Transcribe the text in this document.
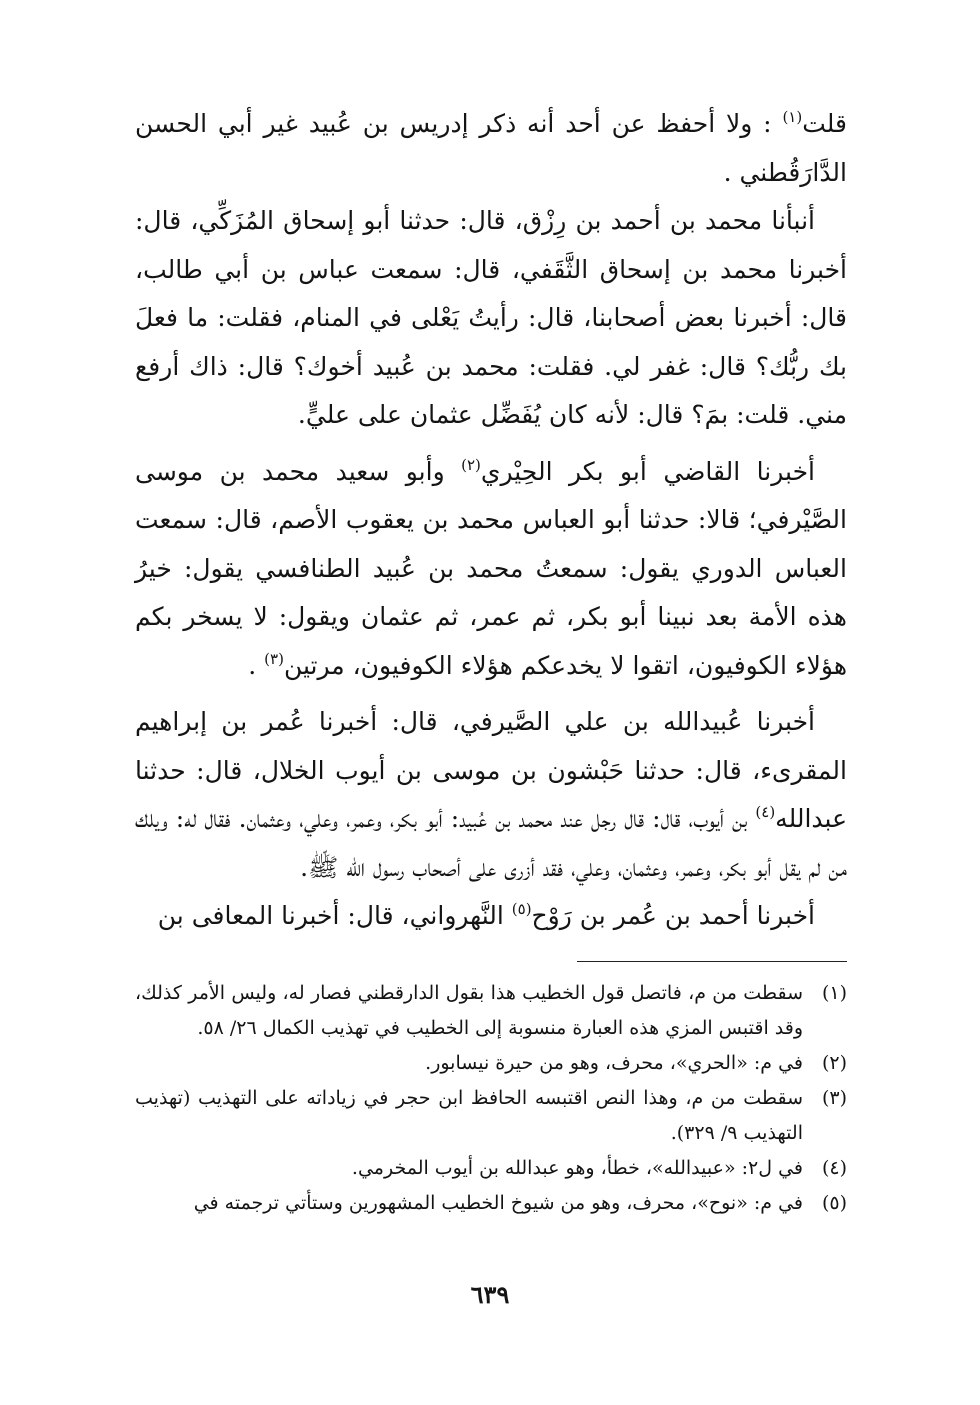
قلت$^{(١)}$ : ولا أحفظ عن أحد أنه ذكر إدريس بن عُبيد غير أبي الحسن الدَّارَقُطني .

أنبأنا محمد بن أحمد بن رِزْق، قال: حدثنا أبو إسحاق المُزَكِّي، قال: أخبرنا محمد بن إسحاق الثَّقَفي، قال: سمعت عباس بن أبي طالب، قال: أخبرنا بعض أصحابنا، قال: رأيتُ يَعْلى في المنام، فقلت: ما فعلَ بك ربُّك؟ قال: غفر لي. فقلت: محمد بن عُبيد أخوك؟ قال: ذاك أرفع مني. قلت: بمَ؟ قال: لأنه كان يُفَضِّل عثمان على عليٍّ.

أخبرنا القاضي أبو بكر الحِيْري$^{(٢)}$ وأبو سعيد محمد بن موسى الصَّيْرفي؛ قالا: حدثنا أبو العباس محمد بن يعقوب الأصم، قال: سمعت العباس الدوري يقول: سمعتُ محمد بن عُبيد الطنافسي يقول: خيرُ هذه الأمة بعد نبينا أبو بكر، ثم عمر، ثم عثمان ويقول: لا يسخر بكم هؤلاء الكوفيون، اتقوا لا يخدعكم هؤلاء الكوفيون، مرتين$^{(٣)}$ .

أخبرنا عُبيدالله بن علي الصَّيرفي، قال: أخبرنا عُمر بن إبراهيم المقرىء، قال: حدثنا حَبْشون بن موسى بن أيوب الخلال، قال: حدثنا عبدالله$^{(٤)}$ بن أيوب، قال: قال رجل عند محمد بن عُبيد: أبو بكر، وعمر، وعلي، وعثمان. فقال له: ويلك من لم يقل أبو بكر، وعمر، وعثمان، وعلي، فقد أزرى على أصحاب رسول الله ﷺ.

أخبرنا أحمد بن عُمر بن رَوْح$^{(٥)}$ النَّهرواني، قال: أخبرنا المعافى بن

(١)
سقطت من م، فاتصل قول الخطيب هذا بقول الدارقطني فصار له، وليس الأمر كذلك، وقد اقتبس المزي هذه العبارة منسوبة إلى الخطيب في تهذيب الكمال ٢٦/ ٥٨.
(٢)
في م: «الحري»، محرف، وهو من حيرة نيسابور.
(٣)
سقطت من م، وهذا النص اقتبسه الحافظ ابن حجر في زياداته على التهذيب (تهذيب التهذيب ٩/ ٣٢٩).
(٤)
في ل٢: «عبيدالله»، خطأ، وهو عبدالله بن أيوب المخرمي.
(٥)
في م: «نوح»، محرف، وهو من شيوخ الخطيب المشهورين وستأتي ترجمته في
٦٣٩
